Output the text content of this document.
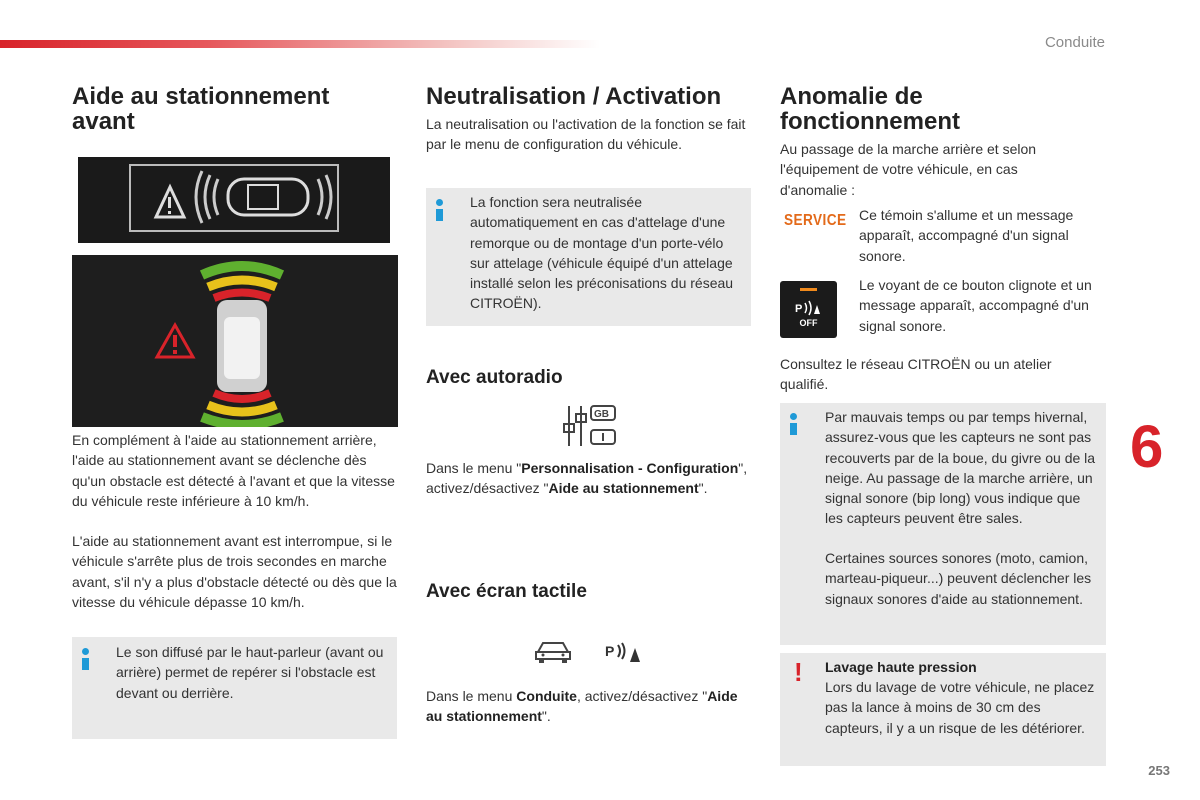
Conduite
6
253
Aide au stationnement avant

En complément à l'aide au stationnement arrière, l'aide au stationnement avant se déclenche dès qu'un obstacle est détecté à l'avant et que la vitesse du véhicule reste inférieure à 10 km/h.

L'aide au stationnement avant est interrompue, si le véhicule s'arrête plus de trois secondes en marche avant, s'il n'y a plus d'obstacle détecté ou dès que la vitesse du véhicule dépasse 10 km/h.

Le son diffusé par le haut-parleur (avant ou arrière) permet de repérer si l'obstacle est devant ou derrière.
Neutralisation / Activation

La neutralisation ou l'activation de la fonction se fait par le menu de configuration du véhicule.

La fonction sera neutralisée automatiquement en cas d'attelage d'une remorque ou de montage d'un porte-vélo sur attelage (véhicule équipé d'un attelage installé selon les préconisations du réseau CITROËN).
Avec autoradio
GB

Dans le menu "Personnalisation - Configuration", activez/désactivez "Aide au stationnement".

Avec écran tactile
P

Dans le menu Conduite, activez/désactivez "Aide au stationnement".

Anomalie de fonctionnement

Au passage de la marche arrière et selon l'équipement de votre véhicule, en cas d'anomalie :

SERVICE Ce témoin s'allume et un message apparaît, accompagné d'un signal sonore.

P
OFF

Le voyant de ce bouton clignote et un message apparaît, accompagné d'un signal sonore.

Consultez le réseau CITROËN ou un atelier qualifié.

Par mauvais temps ou par temps hivernal, assurez-vous que les capteurs ne sont pas recouverts par de la boue, du givre ou de la neige. Au passage de la marche arrière, un signal sonore (bip long) vous indique que les capteurs peuvent être sales.
Certaines sources sonores (moto, camion, marteau-piqueur...) peuvent déclencher les signaux sonores d'aide au stationnement.
! Lavage haute pression
Lors du lavage de votre véhicule, ne placez pas la lance à moins de 30 cm des capteurs, il y a un risque de les détériorer.
